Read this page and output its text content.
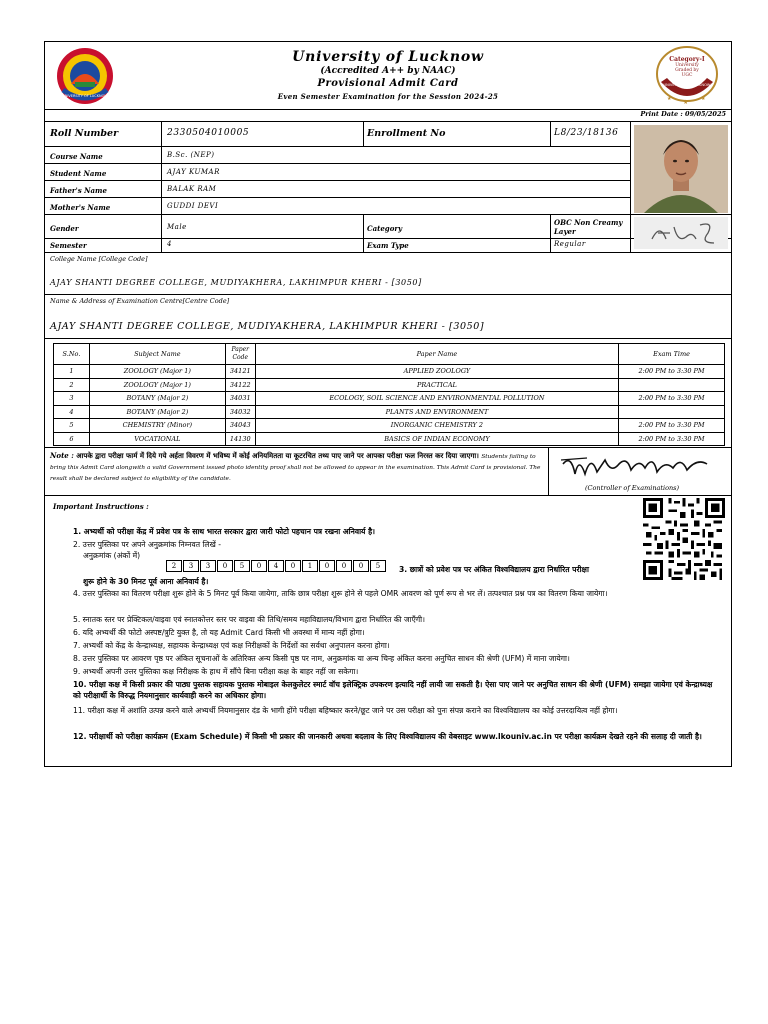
UNIVERSITY OF LUCKNOW
University of Lucknow
(Accredited A++ by NAAC)
Provisional Admit Card
Even Semester Examination for the Session 2024-25	★ ★	★
Category-I
University
Graded by
UGC
UNIVERSITY OF LUCKNOW
Print Date : 09/05/2025
Roll Number	2330504010005	Enrollment No	L8/23/18136
Course Name	B.Sc. (NEP)
Student Name	AJAY KUMAR
Father's Name	BALAK RAM
Mother's Name	GUDDI DEVI
Gender	Male	Category
OBC Non Creamy Layer
Semester	4	Exam Type	Regular
College Name [College Code]
AJAY SHANTI DEGREE COLLEGE, MUDIYAKHERA, LAKHIMPUR KHERI - [3050]
Name & Address of Examination Centre[Centre Code]
AJAY SHANTI DEGREE COLLEGE, MUDIYAKHERA, LAKHIMPUR KHERI - [3050]
S.No.	Subject Name	Paper Code	Paper Name	Exam Time
1	ZOOLOGY (Major 1)	34121	APPLIED ZOOLOGY	2:00 PM to 3:30 PM
2	ZOOLOGY (Major 1)	34122	PRACTICAL	
3	BOTANY (Major 2)	34031	ECOLOGY, SOIL SCIENCE AND ENVIRONMENTAL POLLUTION	2:00 PM to 3:30 PM
4	BOTANY (Major 2)	34032	PLANTS AND ENVIRONMENT	
5	CHEMISTRY (Minor)	34043	INORGANIC CHEMISTRY 2	2:00 PM to 3:30 PM
6	VOCATIONAL	14130	BASICS OF INDIAN ECONOMY	2:00 PM to 3:30 PM
Note : आपके द्वारा परीक्षा फार्म में दिये गये अर्हता विवरण में भविष्य में कोई अनियमितता या कूटरचित तथ्य पाए जाने पर आपका परीक्षा फल निरस्त कर दिया जाएगा। Students failing to bring this Admit Card alongwith a valid Government issued photo identity proof shall not be allowed to appear in the examination. This Admit Card is provisional. The result shall be declared subject to eligibility of the candidate.
(Controller of Examinations)
Important Instructions :
1. अभ्यर्थी को परीक्षा केंद्र में प्रवेश पत्र के साथ भारत सरकार द्वारा जारी फोटो पहचान पत्र रखना अनिवार्य है।
2. उत्तर पुस्तिका पर अपने अनुक्रमांक निम्नवत लिखें -
अनुक्रमांक (अंकों में)
2 3 3 0 5 0 4 0 1 0 0 0 5	3. छात्रों को प्रवेश पत्र पर अंकित विश्वविद्यालय द्वारा निर्धारित परीक्षा
शुरू होने के 30 मिनट पूर्व आना अनिवार्य है।
4. उत्तर पुस्तिका का वितरण परीक्षा शुरू होने के 5 मिनट पूर्व किया जायेगा, ताकि छात्र परीक्षा शुरू होने से पहले OMR आवरण को पूर्ण रूप से भर लें। तत्पश्चात प्रश्न पत्र का वितरण किया जायेगा।
5. स्नातक स्तर पर प्रेक्टिकल/वाइवा एवं स्नातकोत्तर स्तर पर वाइवा की तिथि/समय महाविद्यालय/विभाग द्वारा निर्धारित की जाएँगी।
6. यदि अभ्यर्थी की फोटो अस्पष्ट/त्रुटि युक्त है, तो यह Admit Card किसी भी अवस्था में मान्य नहीं होगा।
7. अभ्यर्थी को केंद्र के केन्द्राध्यक्ष, सहायक केन्द्राध्यक्ष एवं कक्ष निरीक्षकों के निर्देशों का सर्वथा अनुपालन करना होगा।
8. उत्तर पुस्तिका पर आवरण पृष्ठ पर अंकित सूचनाओं के अतिरिक्त अन्य किसी पृष्ठ पर नाम, अनुक्रमांक या अन्य चिन्ह अंकित करना अनुचित साधन की श्रेणी (UFM) में माना जायेगा।
9. अभ्यर्थी अपनी उत्तर पुस्तिका कक्ष निरीक्षक के हाथ में सौंपे बिना परीक्षा कक्ष के बाहर नहीं जा सकेगा।
10. परीक्षा कक्ष में किसी प्रकार की पाठ्य पुस्तक सहायक पुस्तक मोबाइल केलकुलेटर स्मार्ट वॉच इलेक्ट्रिक उपकरण इत्यादि नहीं लायी जा सकती है। ऐसा पाए जाने पर अनुचित साधन की श्रेणी (UFM) समझा जायेगा एवं केन्द्राध्यक्ष को परीक्षार्थी के विरुद्ध नियमानुसार कार्यवाही करने का अधिकार होगा।
11. परीक्षा कक्ष में अशांति उत्पन्न करने वाले अभ्यर्थी नियमानुसार दंड के भागी होंगे परीक्षा बहिष्कार करने/छूट जाने पर उस परीक्षा को पुनः संपन्न कराने का विश्वविद्यालय का कोई उत्तरदायित्व नहीं होगा।
12. परीक्षार्थी को परीक्षा कार्यक्रम (Exam Schedule) में किसी भी प्रकार की जानकारी अथवा बदलाव के लिए विश्वविद्यालय की वेबसाइट www.lkouniv.ac.in पर परीक्षा कार्यक्रम देखते रहने की सलाह दी जाती है।
